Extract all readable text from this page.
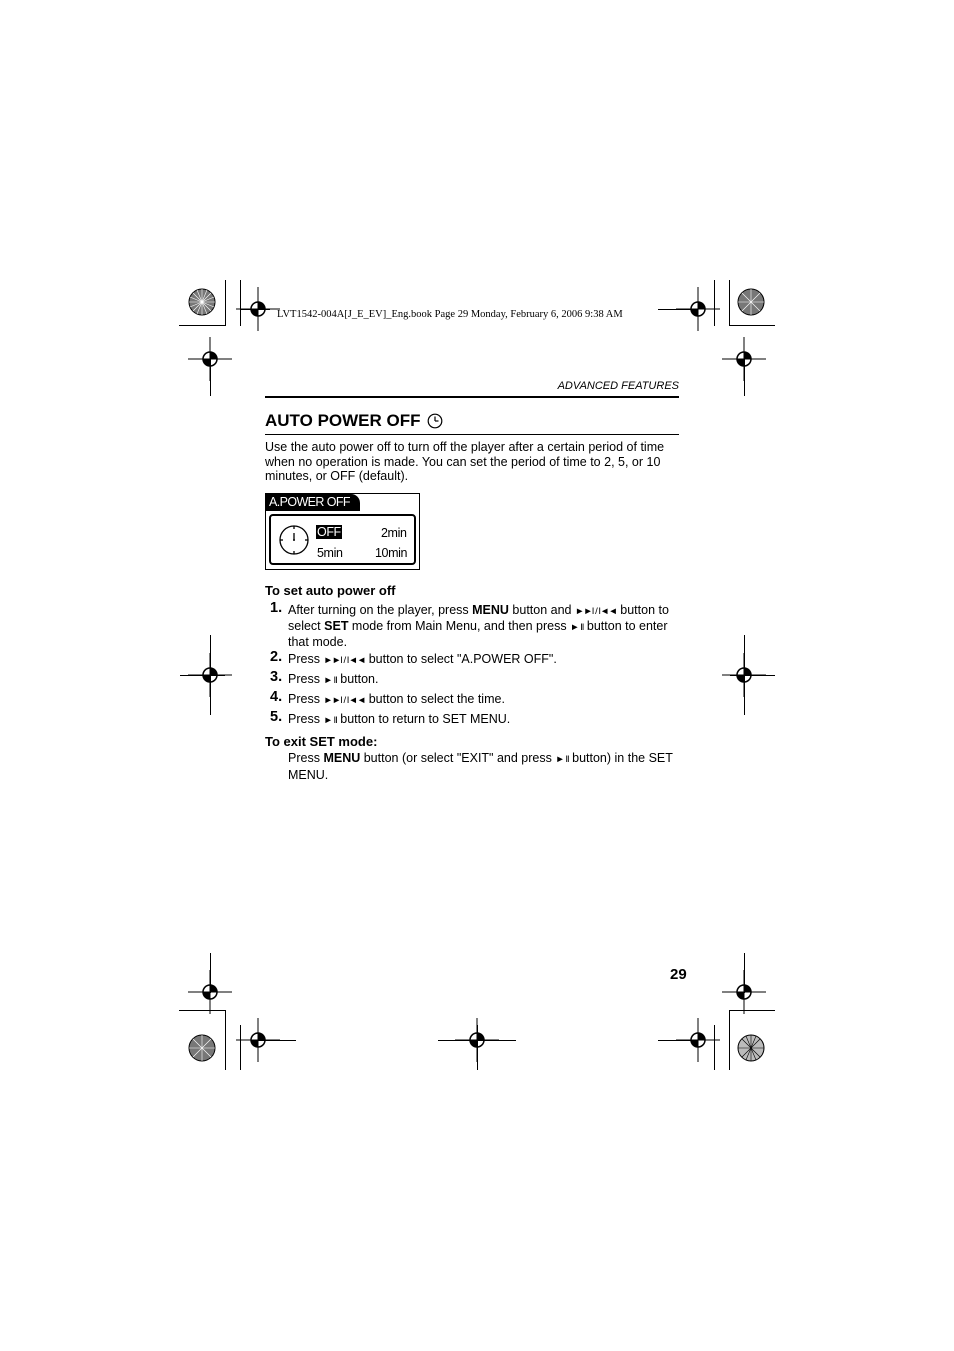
LVT1542-004A[J_E_EV]_Eng.book Page 29 Monday, February 6, 2006 9:38 AM
ADVANCED FEATURES
AUTO POWER OFF
Use the auto power off to turn off the player after a certain period of time when no operation is made. You can set the period of time to 2, 5, or 10 minutes, or OFF (default).
A.POWER OFF
OFF	2min
5min	10min
To set auto power off
1. After turning on the player, press MENU button and ►►I / I◄◄ button to select SET mode from Main Menu, and then press ► II button to enter that mode.
2. Press ►►I / I◄◄ button to select "A.POWER OFF".
3. Press ► II button.
4. Press ►►I / I◄◄ button to select the time.
5. Press ► II button to return to SET MENU.
To exit SET mode:
Press MENU button (or select "EXIT" and press ► II button) in the SET MENU.
29
